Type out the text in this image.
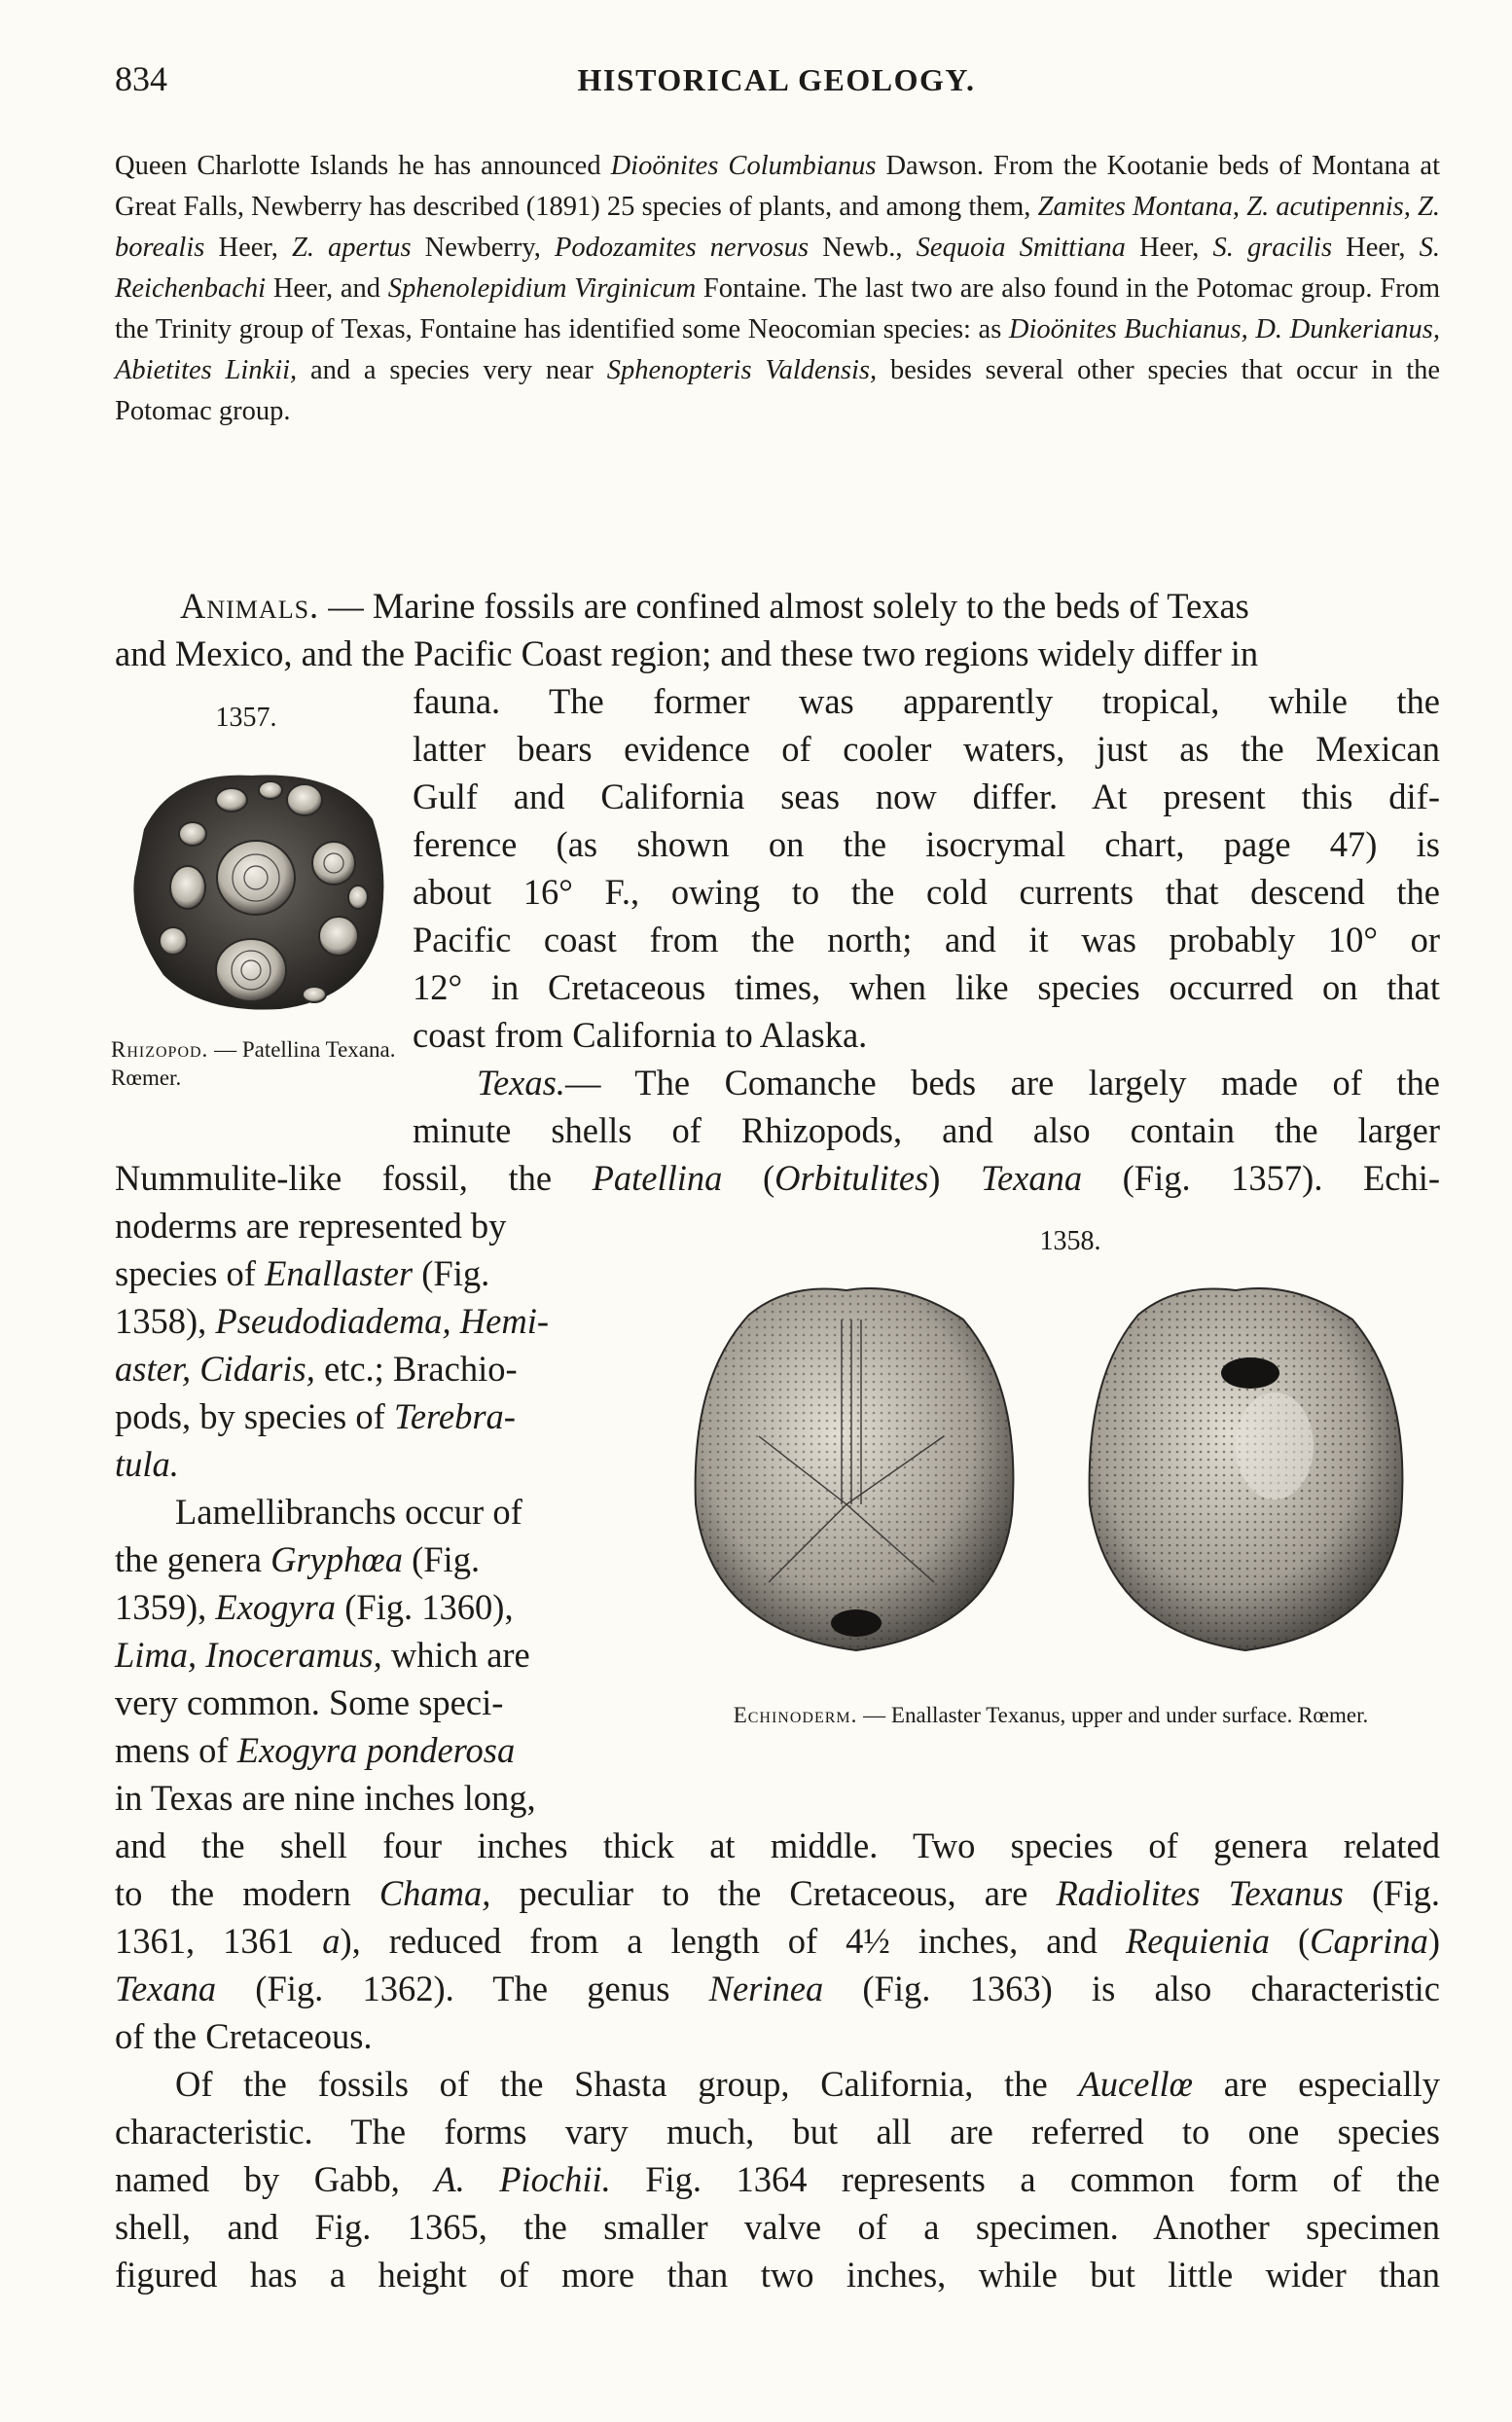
834	HISTORICAL GEOLOGY.

Queen Charlotte Islands he has announced Dioönites Columbianus Dawson. From the Kootanie beds of Montana at Great Falls, Newberry has described (1891) 25 species of plants, and among them, Zamites Montana, Z. acutipennis, Z. borealis Heer, Z. apertus Newberry, Podozamites nervosus Newb., Sequoia Smittiana Heer, S. gracilis Heer, S. Reichenbachi Heer, and Sphenolepidium Virginicum Fontaine. The last two are also found in the Potomac group. From the Trinity group of Texas, Fontaine has identified some Neocomian species: as Dioönites Buchianus, D. Dunkerianus, Abietites Linkii, and a species very near Sphenopteris Valdensis, besides several other species that occur in the Potomac group.

Animals. — Marine fossils are confined almost solely to the beds of Texas
and Mexico, and the Pacific Coast region; and these two regions widely differ in
fauna. The former was apparently tropical, while the
latter bears evidence of cooler waters, just as the Mexican
Gulf and California seas now differ. At present this dif-
ference (as shown on the isocrymal chart, page 47) is
about 16° F., owing to the cold currents that descend the
Pacific coast from the north; and it was probably 10° or
12° in Cretaceous times, when like species occurred on that
coast from California to Alaska.
Texas.— The Comanche beds are largely made of the
minute shells of Rhizopods, and also contain the larger
Nummulite-like fossil, the Patellina (Orbitulites) Texana (Fig. 1357). Echi-
1357.
Rhizopod. — Patellina Texana. Rœmer.
noderms are represented by
species of Enallaster (Fig.
1358), Pseudodiadema, Hemi-
aster, Cidaris, etc.; Brachio-
pods, by species of Terebra-
tula.
Lamellibranchs occur of
the genera Gryphœa (Fig.
1359), Exogyra (Fig. 1360),
Lima, Inoceramus, which are
very common. Some speci-
mens of Exogyra ponderosa
in Texas are nine inches long,
1358.
Echinoderm. — Enallaster Texanus, upper and under surface. Rœmer.
and the shell four inches thick at middle. Two species of genera related
to the modern Chama, peculiar to the Cretaceous, are Radiolites Texanus (Fig.
1361, 1361 a), reduced from a length of 4½ inches, and Requienia (Caprina)
Texana (Fig. 1362). The genus Nerinea (Fig. 1363) is also characteristic
of the Cretaceous.
Of the fossils of the Shasta group, California, the Aucellœ are especially
characteristic. The forms vary much, but all are referred to one species
named by Gabb, A. Piochii. Fig. 1364 represents a common form of the
shell, and Fig. 1365, the smaller valve of a specimen. Another specimen
figured has a height of more than two inches, while but little wider than
